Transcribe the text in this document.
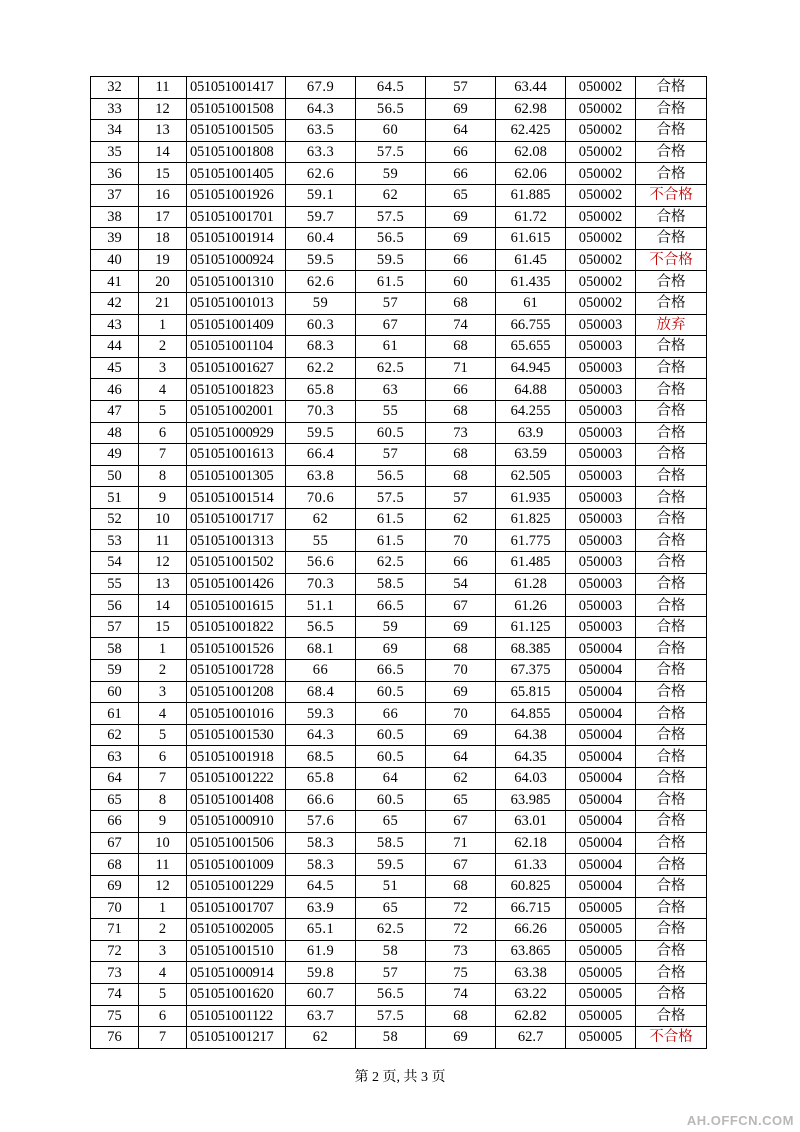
32	11	051051001417	67.9	64.5	57	63.44	050002	合格
33	12	051051001508	64.3	56.5	69	62.98	050002	合格
34	13	051051001505	63.5	60	64	62.425	050002	合格
35	14	051051001808	63.3	57.5	66	62.08	050002	合格
36	15	051051001405	62.6	59	66	62.06	050002	合格
37	16	051051001926	59.1	62	65	61.885	050002	不合格
38	17	051051001701	59.7	57.5	69	61.72	050002	合格
39	18	051051001914	60.4	56.5	69	61.615	050002	合格
40	19	051051000924	59.5	59.5	66	61.45	050002	不合格
41	20	051051001310	62.6	61.5	60	61.435	050002	合格
42	21	051051001013	59	57	68	61	050002	合格
43	1	051051001409	60.3	67	74	66.755	050003	放弃
44	2	051051001104	68.3	61	68	65.655	050003	合格
45	3	051051001627	62.2	62.5	71	64.945	050003	合格
46	4	051051001823	65.8	63	66	64.88	050003	合格
47	5	051051002001	70.3	55	68	64.255	050003	合格
48	6	051051000929	59.5	60.5	73	63.9	050003	合格
49	7	051051001613	66.4	57	68	63.59	050003	合格
50	8	051051001305	63.8	56.5	68	62.505	050003	合格
51	9	051051001514	70.6	57.5	57	61.935	050003	合格
52	10	051051001717	62	61.5	62	61.825	050003	合格
53	11	051051001313	55	61.5	70	61.775	050003	合格
54	12	051051001502	56.6	62.5	66	61.485	050003	合格
55	13	051051001426	70.3	58.5	54	61.28	050003	合格
56	14	051051001615	51.1	66.5	67	61.26	050003	合格
57	15	051051001822	56.5	59	69	61.125	050003	合格
58	1	051051001526	68.1	69	68	68.385	050004	合格
59	2	051051001728	66	66.5	70	67.375	050004	合格
60	3	051051001208	68.4	60.5	69	65.815	050004	合格
61	4	051051001016	59.3	66	70	64.855	050004	合格
62	5	051051001530	64.3	60.5	69	64.38	050004	合格
63	6	051051001918	68.5	60.5	64	64.35	050004	合格
64	7	051051001222	65.8	64	62	64.03	050004	合格
65	8	051051001408	66.6	60.5	65	63.985	050004	合格
66	9	051051000910	57.6	65	67	63.01	050004	合格
67	10	051051001506	58.3	58.5	71	62.18	050004	合格
68	11	051051001009	58.3	59.5	67	61.33	050004	合格
69	12	051051001229	64.5	51	68	60.825	050004	合格
70	1	051051001707	63.9	65	72	66.715	050005	合格
71	2	051051002005	65.1	62.5	72	66.26	050005	合格
72	3	051051001510	61.9	58	73	63.865	050005	合格
73	4	051051000914	59.8	57	75	63.38	050005	合格
74	5	051051001620	60.7	56.5	74	63.22	050005	合格
75	6	051051001122	63.7	57.5	68	62.82	050005	合格
76	7	051051001217	62	58	69	62.7	050005	不合格
第 2 页, 共 3 页
AH.OFFCN.COM
